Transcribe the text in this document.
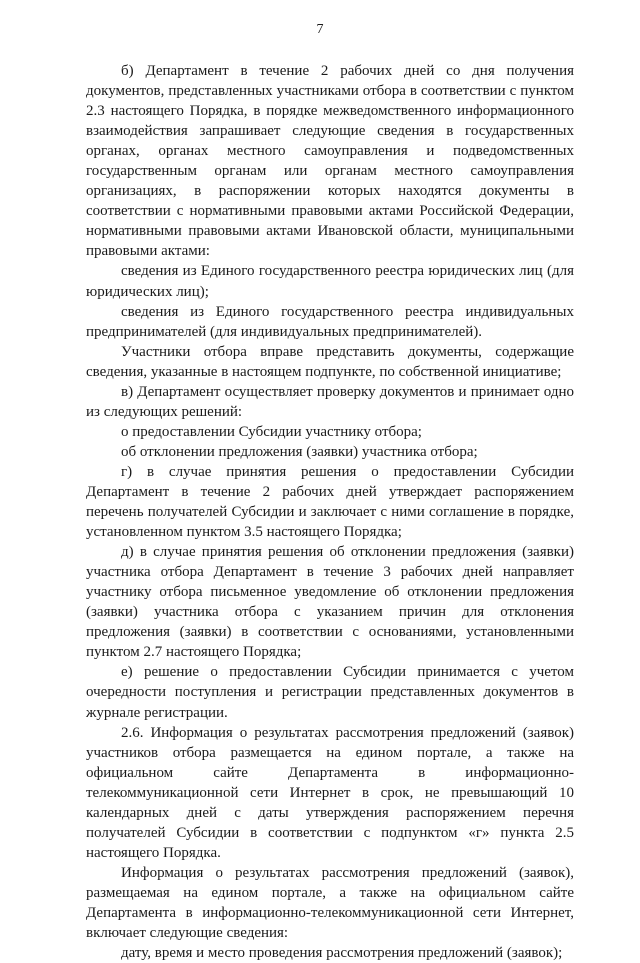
7

б) Департамент в течение 2 рабочих дней со дня получения документов, представленных участниками отбора в соответствии с пунктом 2.3 настоящего Порядка, в порядке межведомственного информационного взаимодействия запрашивает следующие сведения в государственных органах, органах местного самоуправления и подведомственных государственным органам или органам местного самоуправления организациях, в распоряжении которых находятся документы в соответствии с нормативными правовыми актами Российской Федерации, нормативными правовыми актами Ивановской области, муниципальными правовыми актами:

сведения из Единого государственного реестра юридических лиц (для юридических лиц);

сведения из Единого государственного реестра индивидуальных предпринимателей (для индивидуальных предпринимателей).

Участники отбора вправе представить документы, содержащие сведения, указанные в настоящем подпункте, по собственной инициативе;

в) Департамент осуществляет проверку документов и принимает одно из следующих решений:

о предоставлении Субсидии участнику отбора;

об отклонении предложения (заявки) участника отбора;

г) в случае принятия решения о предоставлении Субсидии Департамент в течение 2 рабочих дней утверждает распоряжением перечень получателей Субсидии и заключает с ними соглашение в порядке, установленном пунктом 3.5 настоящего Порядка;

д) в случае принятия решения об отклонении предложения (заявки) участника отбора Департамент в течение 3 рабочих дней направляет участнику отбора письменное уведомление об отклонении предложения (заявки) участника отбора с указанием причин для отклонения предложения (заявки) в соответствии с основаниями, установленными пунктом 2.7 настоящего Порядка;

е) решение о предоставлении Субсидии принимается с учетом очередности поступления и регистрации представленных документов в журнале регистрации.

2.6. Информация о результатах рассмотрения предложений (заявок) участников отбора размещается на едином портале, а также на официальном сайте Департамента в информационно-телекоммуникационной сети Интернет в срок, не превышающий 10 календарных дней с даты утверждения распоряжением перечня получателей Субсидии в соответствии с подпунктом «г» пункта 2.5 настоящего Порядка.

Информация о результатах рассмотрения предложений (заявок), размещаемая на едином портале, а также на официальном сайте Департамента в информационно-телекоммуникационной сети Интернет, включает следующие сведения:

дату, время и место проведения рассмотрения предложений (заявок);
